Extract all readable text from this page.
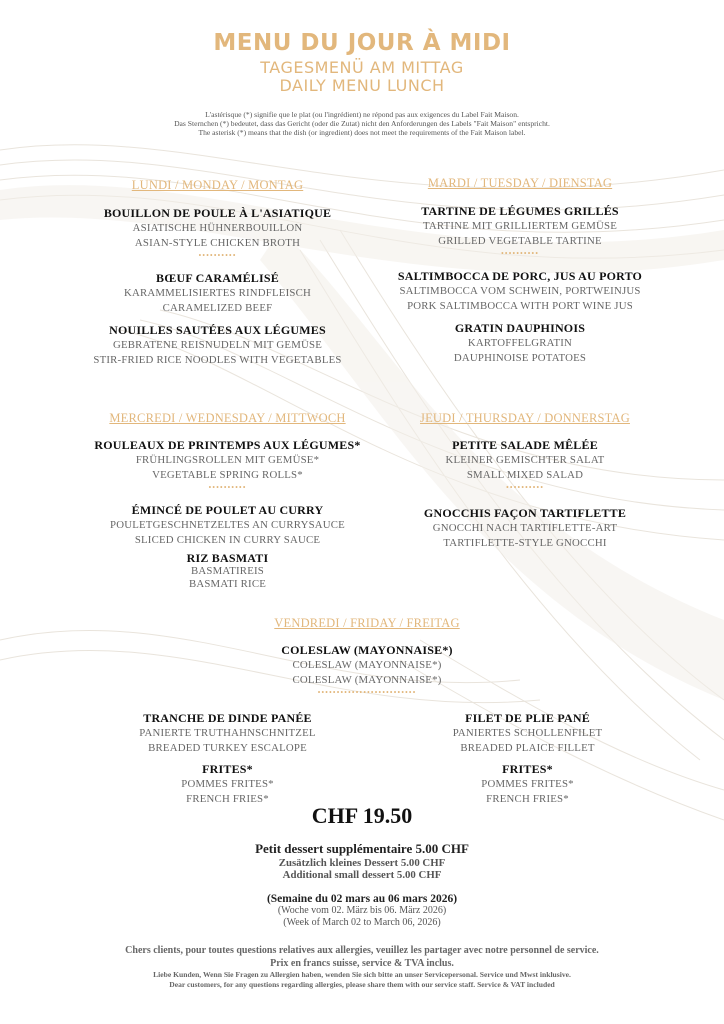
MENU DU JOUR À MIDI
TAGESMENÜ AM MITTAG
DAILY MENU LUNCH
L'astérisque (*) signifie que le plat (ou l'ingrédient) ne répond pas aux exigences du Label Fait Maison.
Das Sternchen (*) bedeutet, dass das Gericht (oder die Zutat) nicht den Anforderungen des Labels "Fait Maison" entspricht.
The asterisk (*) means that the dish (or ingredient) does not meet the requirements of the Fait Maison label.
LUNDI / MONDAY / MONTAG
BOUILLON DE POULE À L'ASIATIQUE
ASIATISCHE HÜHNERBOUILLON
ASIAN-STYLE CHICKEN BROTH
••••••••••
BŒUF CARAMÉLISÉ
KARAMMELISIERTES RINDFLEISCH
CARAMELIZED BEEF
NOUILLES SAUTÉES AUX LÉGUMES
GEBRATENE REISNUDELN MIT GEMÜSE
STIR-FRIED RICE NOODLES WITH VEGETABLES
MARDI / TUESDAY / DIENSTAG
TARTINE DE LÉGUMES GRILLÉS
TARTINE MIT GRILLIERTEM GEMÜSE
GRILLED VEGETABLE TARTINE
••••••••••
SALTIMBOCCA DE PORC, JUS AU PORTO
SALTIMBOCCA VOM SCHWEIN, PORTWEINJUS
PORK SALTIMBOCCA WITH PORT WINE JUS
GRATIN DAUPHINOIS
KARTOFFELGRATIN
DAUPHINOISE POTATOES
MERCREDI / WEDNESDAY / MITTWOCH
ROULEAUX DE PRINTEMPS AUX LÉGUMES*
FRÜHLINGSROLLEN MIT GEMÜSE*
VEGETABLE SPRING ROLLS*
••••••••••
ÉMINCÉ DE POULET AU CURRY
POULETGESCHNETZELTES AN CURRYSAUCE
SLICED CHICKEN IN CURRY SAUCE
RIZ BASMATI
BASMATIREIS
BASMATI RICE
JEUDI / THURSDAY / DONNERSTAG
PETITE SALADE MÊLÉE
KLEINER GEMISCHTER SALAT
SMALL MIXED SALAD
••••••••••
GNOCCHIS FAÇON TARTIFLETTE
GNOCCHI NACH TARTIFLETTE-ART
TARTIFLETTE-STYLE GNOCCHI
VENDREDI / FRIDAY / FREITAG
COLESLAW (MAYONNAISE*)
COLESLAW (MAYONNAISE*)
COLESLAW (MAYONNAISE*)
••••••••••••••••••••••••••
TRANCHE DE DINDE PANÉE
PANIERTE TRUTHAHNSCHNITZEL
BREADED TURKEY ESCALOPE
FRITES*
POMMES FRITES*
FRENCH FRIES*
FILET DE PLIE PANÉ
PANIERTES SCHOLLENFILET
BREADED PLAICE FILLET
FRITES*
POMMES FRITES*
FRENCH FRIES*
CHF 19.50
Petit dessert supplémentaire 5.00 CHF
Zusätzlich kleines Dessert 5.00 CHF
Additional small dessert 5.00 CHF
(Semaine du 02 mars au 06 mars 2026)
(Woche vom 02. März bis 06. März 2026)
(Week of March 02 to March 06, 2026)
Chers clients, pour toutes questions relatives aux allergies, veuillez les partager avec notre personnel de service.
Prix en francs suisse, service & TVA inclus.
Liebe Kunden, Wenn Sie Fragen zu Allergien haben, wenden Sie sich bitte an unser Servicepersonal. Service und Mwst inklusive.
Dear customers, for any questions regarding allergies, please share them with our service staff. Service & VAT included
